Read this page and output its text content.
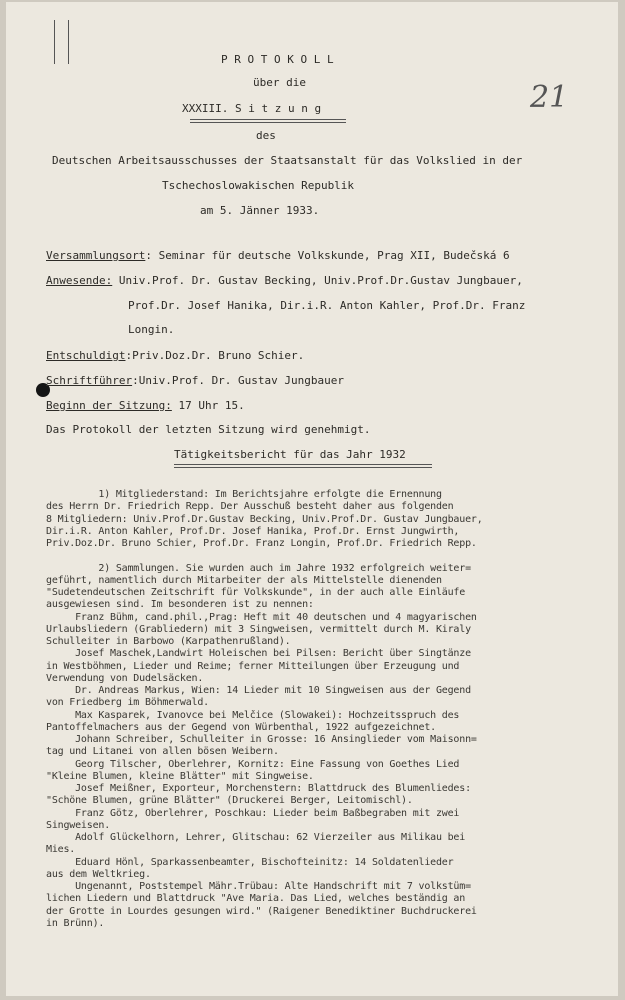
21
P R O T O K O L L
über die
XXXIII. S i t z u n g
des
Deutschen Arbeitsausschusses der Staatsanstalt für das Volkslied in der
Tschechoslowakischen Republik
am 5. Jänner 1933.
Versammlungsort: Seminar für deutsche Volkskunde, Prag XII, Budečská 6
Anwesende: Univ.Prof. Dr. Gustav Becking, Univ.Prof.Dr.Gustav Jungbauer,
Prof.Dr. Josef Hanika, Dir.i.R. Anton Kahler, Prof.Dr. Franz
Longin.
Entschuldigt:Priv.Doz.Dr. Bruno Schier.
Schriftführer:Univ.Prof. Dr. Gustav Jungbauer
Beginn der Sitzung: 17 Uhr 15.
Das Protokoll der letzten Sitzung wird genehmigt.
Tätigkeitsbericht für das Jahr 1932
1) Mitgliederstand: Im Berichtsjahre erfolgte die Ernennung
des Herrn Dr. Friedrich Repp. Der Ausschuß besteht daher aus folgenden
8 Mitgliedern: Univ.Prof.Dr.Gustav Becking, Univ.Prof.Dr. Gustav Jungbauer,
Dir.i.R. Anton Kahler, Prof.Dr. Josef Hanika, Prof.Dr. Ernst Jungwirth,
Priv.Doz.Dr. Bruno Schier, Prof.Dr. Franz Longin, Prof.Dr. Friedrich Repp.
2) Sammlungen. Sie wurden auch im Jahre 1932 erfolgreich weiter=
geführt, namentlich durch Mitarbeiter der als Mittelstelle dienenden
"Sudetendeutschen Zeitschrift für Volkskunde", in der auch alle Einläufe
ausgewiesen sind. Im besonderen ist zu nennen:
Franz Bühm, cand.phil.,Prag: Heft mit 40 deutschen und 4 magyarischen
Urlaubsliedern (Grabliedern) mit 3 Singweisen, vermittelt durch M. Kiraly
Schulleiter in Barbowo (Karpathenrußland).
Josef Maschek,Landwirt Holeischen bei Pilsen: Bericht über Singtänze
in Westböhmen, Lieder und Reime; ferner Mitteilungen über Erzeugung und
Verwendung von Dudelsäcken.
Dr. Andreas Markus, Wien: 14 Lieder mit 10 Singweisen aus der Gegend
von Friedberg im Böhmerwald.
Max Kasparek, Ivanovce bei Melčice (Slowakei): Hochzeitsspruch des
Pantoffelmachers aus der Gegend von Würbenthal, 1922 aufgezeichnet.
Johann Schreiber, Schulleiter in Grosse: 16 Ansinglieder vom Maisonn=
tag und Litanei von allen bösen Weibern.
Georg Tilscher, Oberlehrer, Kornitz: Eine Fassung von Goethes Lied
"Kleine Blumen, kleine Blätter" mit Singweise.
Josef Meißner, Exporteur, Morchenstern: Blattdruck des Blumenliedes:
"Schöne Blumen, grüne Blätter" (Druckerei Berger, Leitomischl).
Franz Götz, Oberlehrer, Poschkau: Lieder beim Baßbegraben mit zwei
Singweisen.
Adolf Glückelhorn, Lehrer, Glitschau: 62 Vierzeiler aus Milikau bei
Mies.
Eduard Hönl, Sparkassenbeamter, Bischofteinitz: 14 Soldatenlieder
aus dem Weltkrieg.
Ungenannt, Poststempel Mähr.Trübau: Alte Handschrift mit 7 volkstüm=
lichen Liedern und Blattdruck "Ave Maria. Das Lied, welches beständig an
der Grotte in Lourdes gesungen wird." (Raigener Benediktiner Buchdruckerei
in Brünn).
